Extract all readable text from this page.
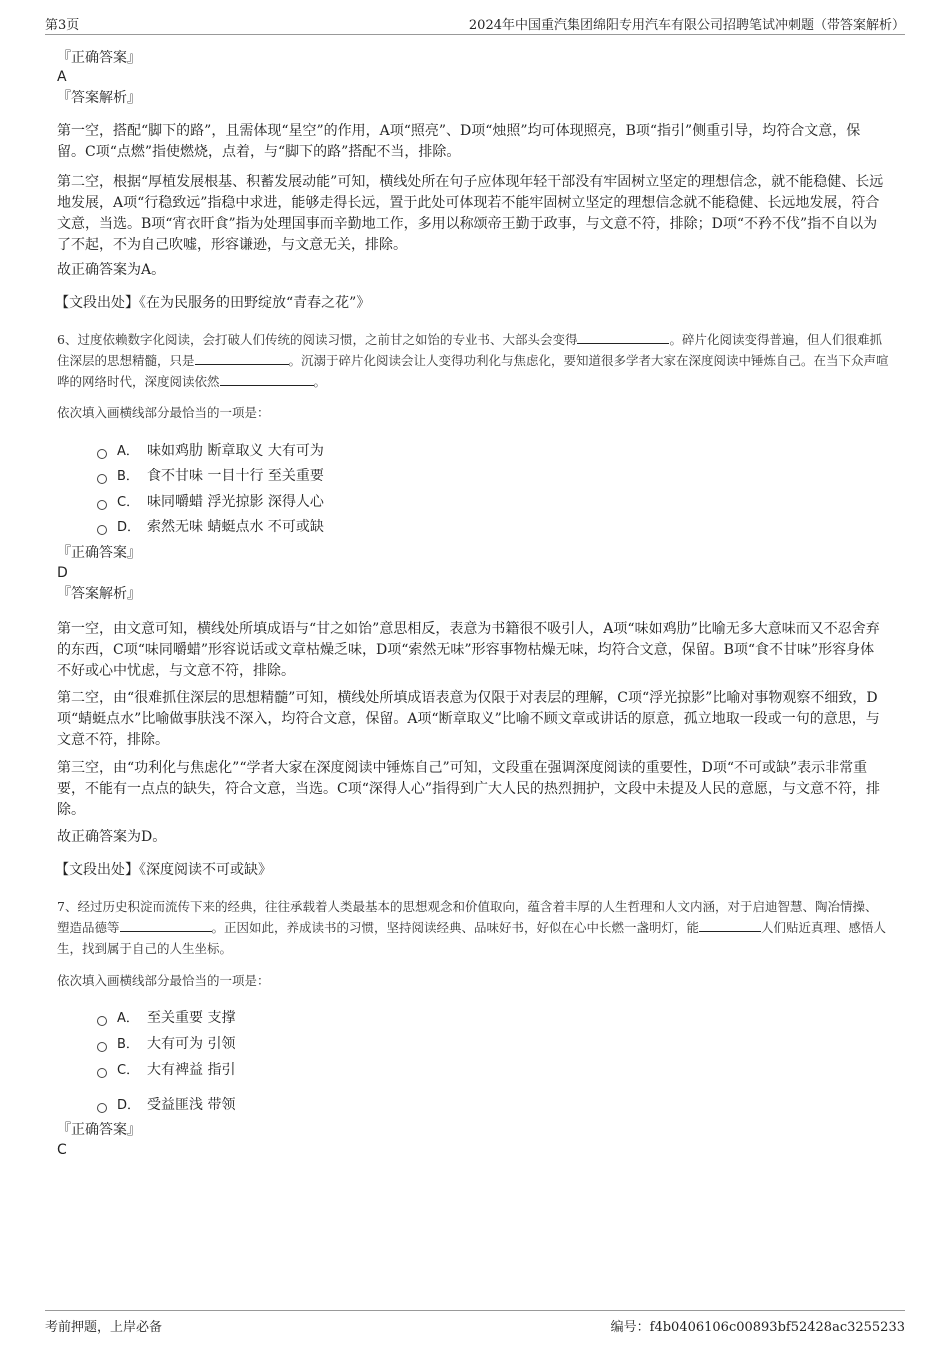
第3页	2024年中国重汽集团绵阳专用汽车有限公司招聘笔试冲刺题（带答案解析）
『正确答案』
A
『答案解析』

第一空，搭配“脚下的路”，且需体现“星空”的作用，A项“照亮”、D项“烛照”均可体现照亮，B项“指引”侧重引导，均符合文意，保留。C项“点燃”指使燃烧，点着，与“脚下的路”搭配不当，排除。

第二空，根据“厚植发展根基、积蓄发展动能”可知，横线处所在句子应体现年轻干部没有牢固树立坚定的理想信念，就不能稳健、长远地发展，A项“行稳致远”指稳中求进，能够走得长远，置于此处可体现若不能牢固树立坚定的理想信念就不能稳健、长远地发展，符合文意，当选。B项“宵衣旰食”指为处理国事而辛勤地工作，多用以称颂帝王勤于政事，与文意不符，排除；D项“不矜不伐”指不自以为了不起，不为自己吹嘘，形容谦逊，与文意无关，排除。

故正确答案为A。

【文段出处】《在为民服务的田野绽放“青春之花”》

6、过度依赖数字化阅读，会打破人们传统的阅读习惯，之前甘之如饴的专业书、大部头会变得	。碎片化阅读变得普遍，但人们很难抓住深层的思想精髓，只是	。沉溺于碎片化阅读会让人变得功利化与焦虑化，要知道很多学者大家在深度阅读中锤炼自己。在当下众声喧哗的网络时代，深度阅读依然	。

依次填入画横线部分最恰当的一项是：
A． 味如鸡肋 断章取义 大有可为
B． 食不甘味 一目十行 至关重要
C． 味同嚼蜡 浮光掠影 深得人心
D． 索然无味 蜻蜓点水 不可或缺
『正确答案』
D
『答案解析』

第一空，由文意可知，横线处所填成语与“甘之如饴”意思相反，表意为书籍很不吸引人，A项“味如鸡肋”比喻无多大意味而又不忍舍弃的东西，C项“味同嚼蜡”形容说话或文章枯燥乏味，D项“索然无味”形容事物枯燥无味，均符合文意，保留。B项“食不甘味”形容身体不好或心中忧虑，与文意不符，排除。

第二空，由“很难抓住深层的思想精髓”可知，横线处所填成语表意为仅限于对表层的理解，C项“浮光掠影”比喻对事物观察不细致，D项“蜻蜓点水”比喻做事肤浅不深入，均符合文意，保留。A项“断章取义”比喻不顾文章或讲话的原意，孤立地取一段或一句的意思，与文意不符，排除。

第三空，由“功利化与焦虑化”“学者大家在深度阅读中锤炼自己”可知，文段重在强调深度阅读的重要性，D项“不可或缺”表示非常重要，不能有一点点的缺失，符合文意，当选。C项“深得人心”指得到广大人民的热烈拥护，文段中未提及人民的意愿，与文意不符，排除。

故正确答案为D。

【文段出处】《深度阅读不可或缺》

7、经过历史积淀而流传下来的经典，往往承载着人类最基本的思想观念和价值取向，蕴含着丰厚的人生哲理和人文内涵，对于启迪智慧、陶冶情操、塑造品德等	。正因如此，养成读书的习惯，坚持阅读经典、品味好书，好似在心中长燃一盏明灯，能	人们贴近真理、感悟人生，找到属于自己的人生坐标。

依次填入画横线部分最恰当的一项是：
A． 至关重要 支撑
B． 大有可为 引领
C． 大有裨益 指引
D． 受益匪浅 带领
『正确答案』
C
考前押题，上岸必备	编号：f4b0406106c00893bf52428ac3255233
